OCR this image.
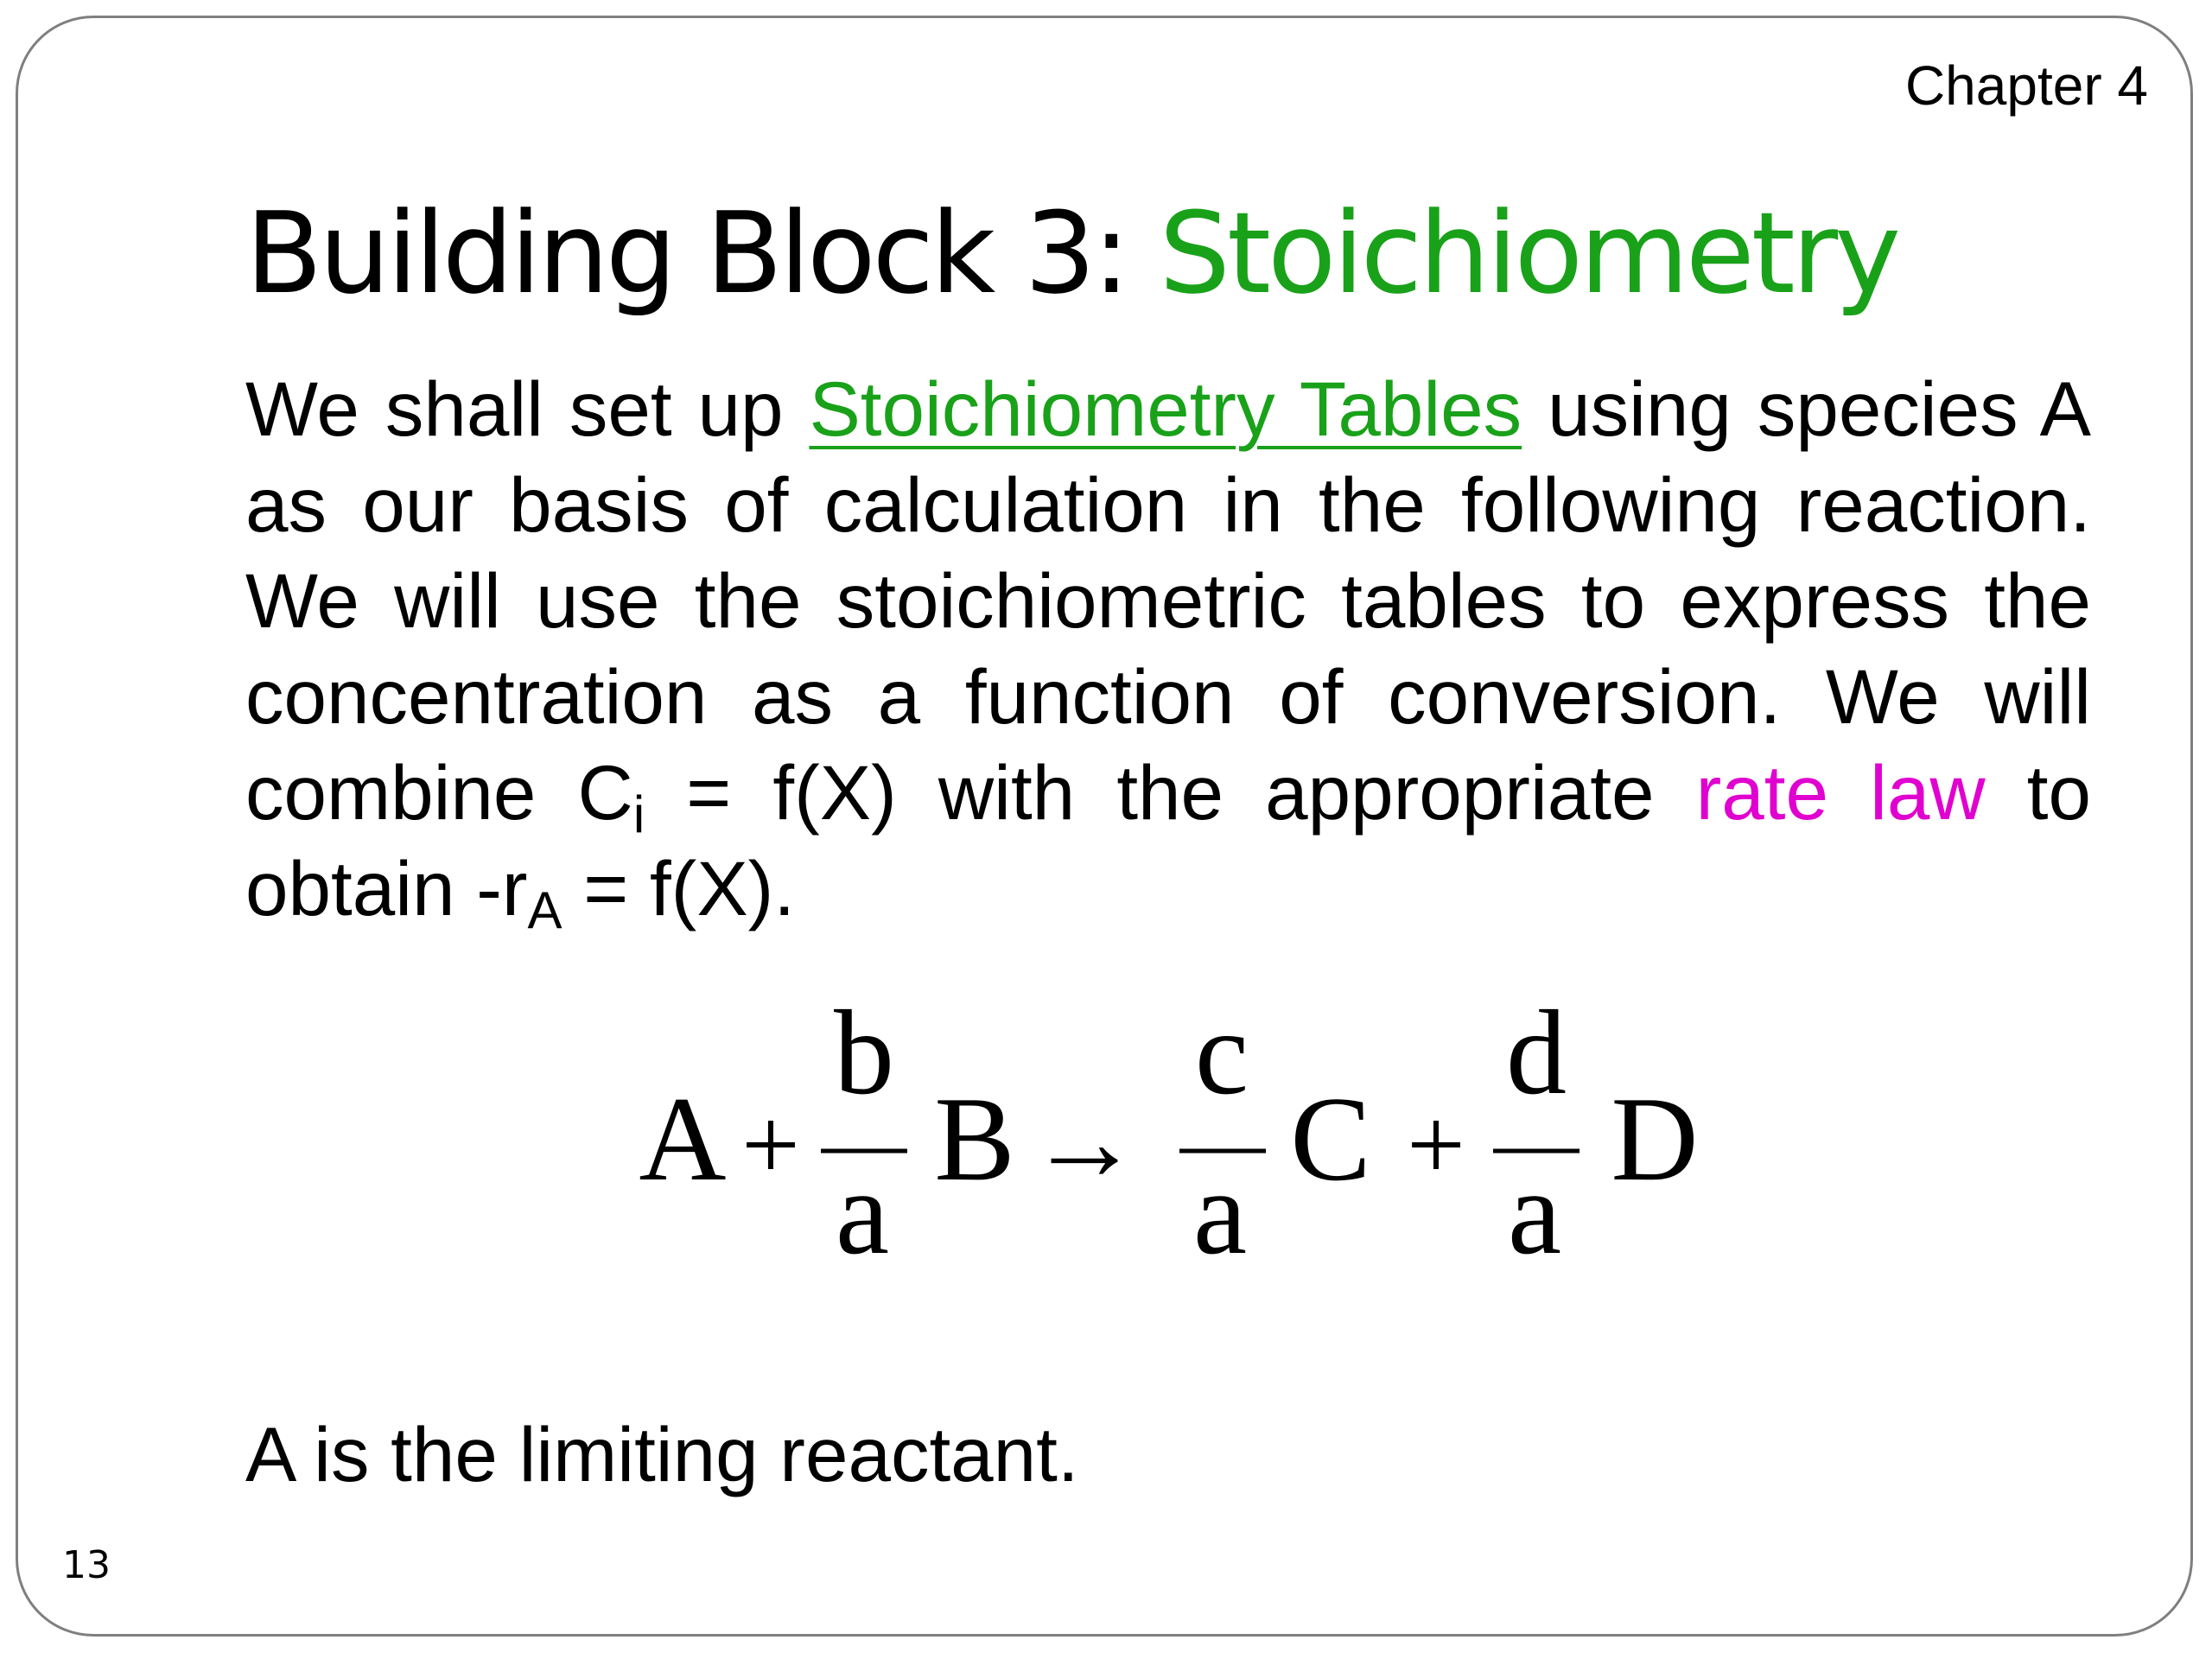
Chapter 4
Building Block 3: Stoichiometry

We shall set up Stoichiometry Tables using species A as our basis of calculation in the following reaction. We will use the stoichiometric tables to express the concentration as a function of conversion. We will combine $C_i = f(X)$ with the appropriate rate law to obtain $-r_A = f(X)$.

A +
b
a
B →
c
a
C +
d
a
D

A is the limiting reactant.

13
